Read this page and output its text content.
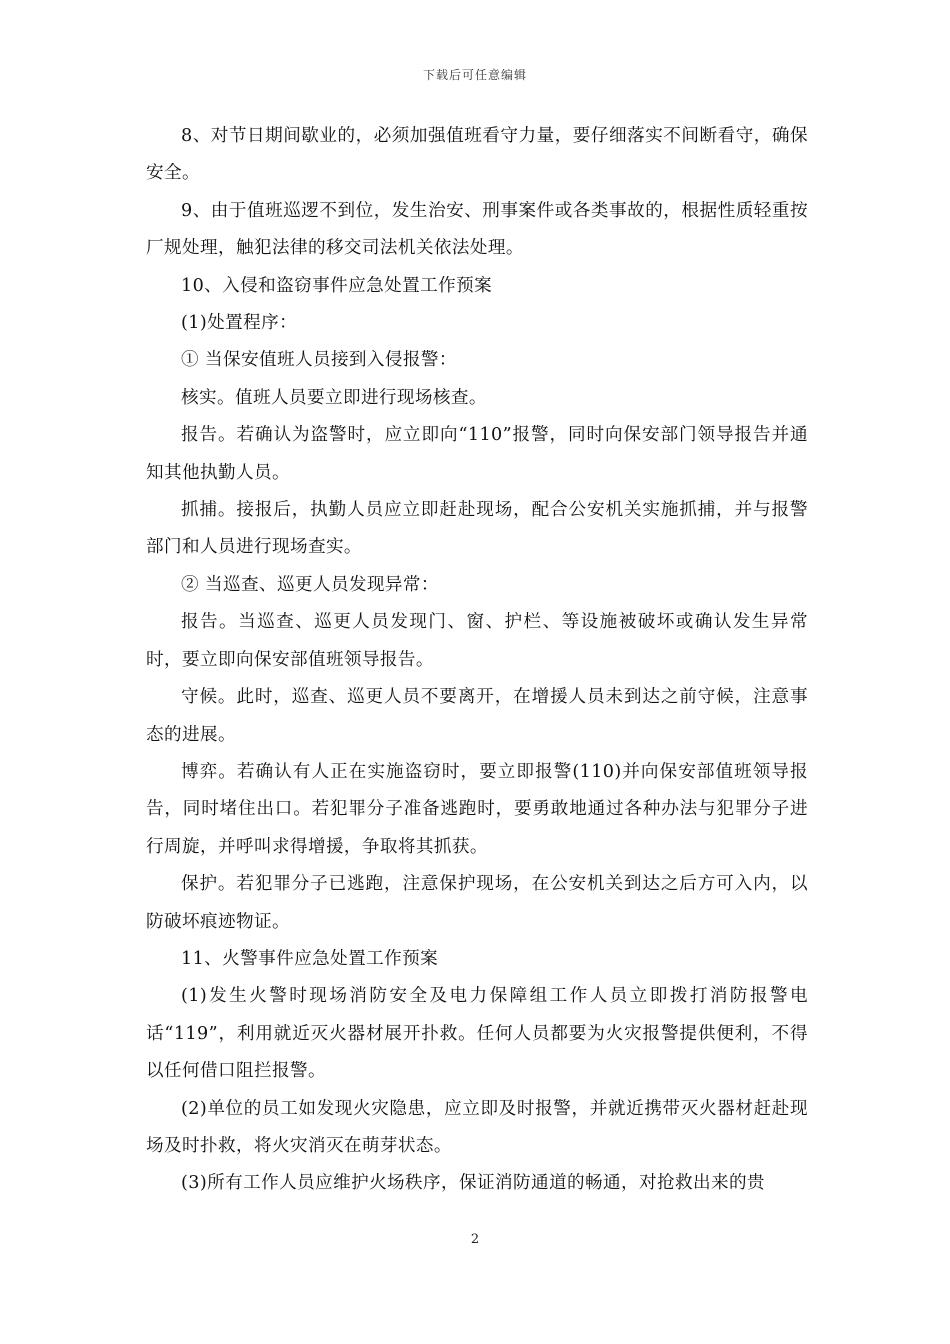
下载后可任意编辑

8、对节日期间歇业的，必须加强值班看守力量，要仔细落实不间断看守，确保安全。

9、由于值班巡逻不到位，发生治安、刑事案件或各类事故的，根据性质轻重按厂规处理，触犯法律的移交司法机关依法处理。

10、入侵和盗窃事件应急处置工作预案

(1)处置程序：

① 当保安值班人员接到入侵报警：

核实。值班人员要立即进行现场核查。

报告。若确认为盗警时，应立即向“110”报警，同时向保安部门领导报告并通知其他执勤人员。

抓捕。接报后，执勤人员应立即赶赴现场，配合公安机关实施抓捕，并与报警部门和人员进行现场查实。

② 当巡查、巡更人员发现异常：

报告。当巡查、巡更人员发现门、窗、护栏、等设施被破坏或确认发生异常时，要立即向保安部值班领导报告。

守候。此时，巡查、巡更人员不要离开，在增援人员未到达之前守候，注意事态的进展。

博弈。若确认有人正在实施盗窃时，要立即报警(110)并向保安部值班领导报告，同时堵住出口。若犯罪分子准备逃跑时，要勇敢地通过各种办法与犯罪分子进行周旋，并呼叫求得增援，争取将其抓获。

保护。若犯罪分子已逃跑，注意保护现场，在公安机关到达之后方可入内，以防破坏痕迹物证。

11、火警事件应急处置工作预案

(1)发生火警时现场消防安全及电力保障组工作人员立即拨打消防报警电话“119”，利用就近灭火器材展开扑救。任何人员都要为火灾报警提供便利，不得以任何借口阻拦报警。

(2)单位的员工如发现火灾隐患，应立即及时报警，并就近携带灭火器材赶赴现场及时扑救，将火灾消灭在萌芽状态。

(3)所有工作人员应维护火场秩序，保证消防通道的畅通，对抢救出来的贵

2
